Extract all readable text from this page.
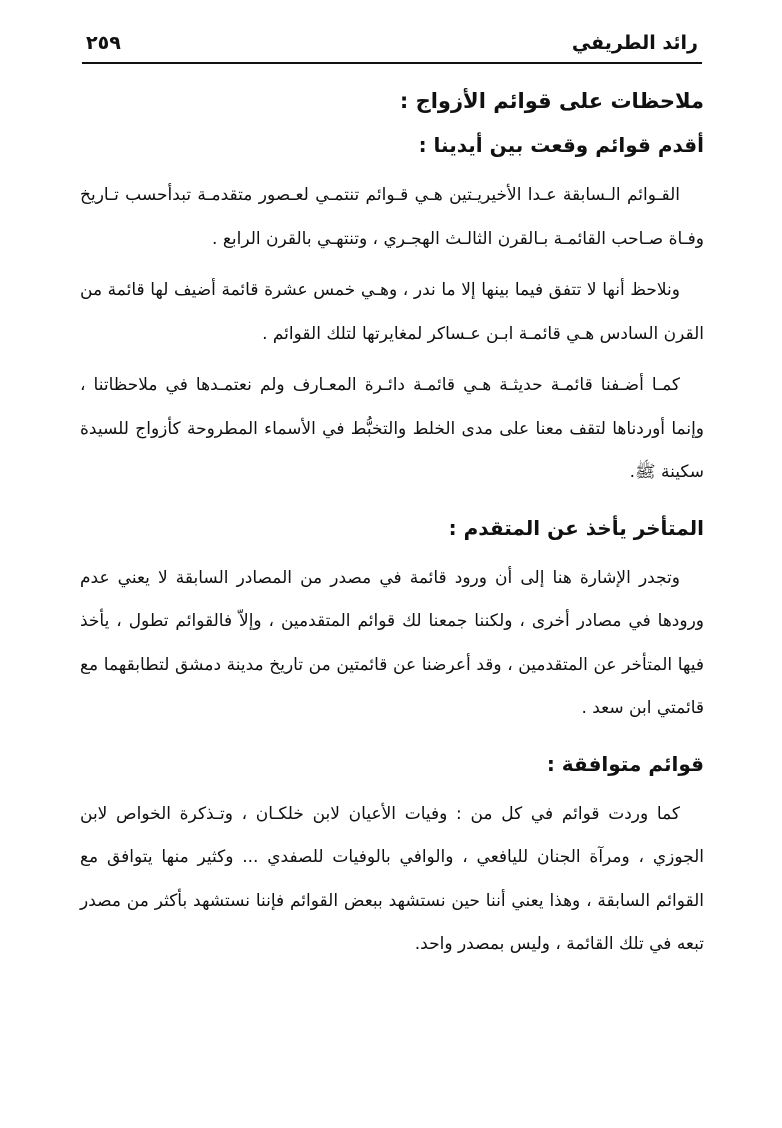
رائد الطريفي
٢٥٩

ملاحظات على قوائم الأزواج :

أقدم قوائم وقعت بين أيدينا :

القـوائم الـسابقة عـدا الأخيريـتين هـي قـوائم تنتمـي لعـصور متقدمـة تبدأحسب تـاريخ وفـاة صـاحب القائمـة بـالقرن الثالـث الهجـري ، وتنتهـي بالقرن الرابع .

ونلاحظ أنها لا تتفق فيما بينها إلا ما ندر ، وهـي خمس عشرة قائمة أضيف لها قائمة من القرن السادس هـي قائمـة ابـن عـساكر لمغايرتها لتلك القوائم .

كمـا أضـفنا قائمـة حديثـة هـي قائمـة دائـرة المعـارف ولم نعتمـدها في ملاحظاتنا ، وإنما أوردناها لتقف معنا على مدى الخلط والتخبُّط في الأسماء المطروحة كأزواج للسيدة سكينة ﷺ.

المتأخر يأخذ عن المتقدم :

وتجدر الإشارة هنا إلى أن ورود قائمة في مصدر من المصادر السابقة لا يعني عدم ورودها في مصادر أخرى ، ولكننا جمعنا لك قوائم المتقدمين ، وإلاّ فالقوائم تطول ، يأخذ فيها المتأخر عن المتقدمين ، وقد أعرضنا عن قائمتين من تاريخ مدينة دمشق لتطابقهما مع قائمتي ابن سعد .

قوائم متوافقة :

كما وردت قوائم في كل من : وفيات الأعيان لابن خلكـان ، وتـذكرة الخواص لابن الجوزي ، ومرآة الجنان لليافعي ، والوافي بالوفيات للصفدي ... وكثير منها يتوافق مع القوائم السابقة ، وهذا يعني أننا حين نستشهد ببعض القوائم فإننا نستشهد بأكثر من مصدر تبعه في تلك القائمة ، وليس بمصدر واحد.
